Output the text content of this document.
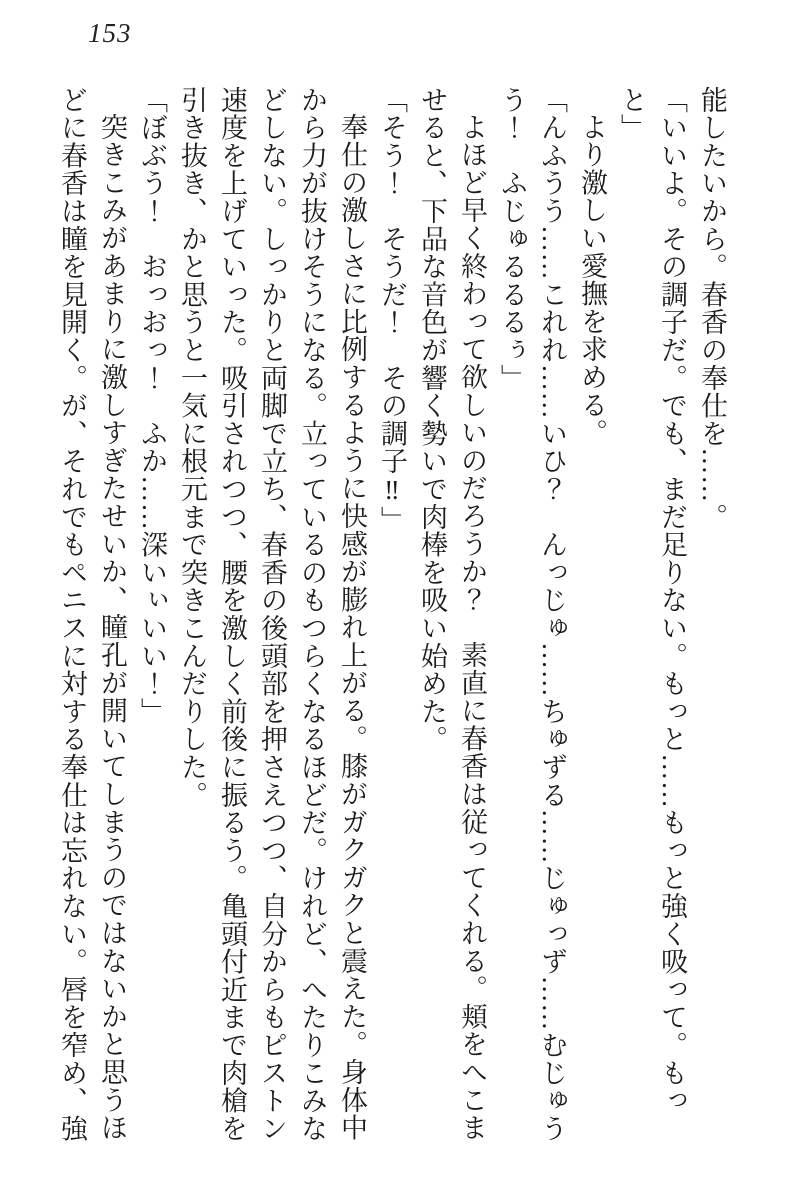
153

能したいから。春香の奉仕を……。

「いいよ。その調子だ。でも、まだ足りない。もっと……もっと強く吸って。もっ

と」

より激しい愛撫を求める。

「んふうう……これれ……いひ？　んっじゅ……ちゅずる……じゅっず……むじゅう

う！　ふじゅるるるぅ」

よほど早く終わって欲しいのだろうか？　素直に春香は従ってくれる。頬をへこま

せると、下品な音色が響く勢いで肉棒を吸い始めた。

「そう！　そうだ！　その調子‼」

奉仕の激しさに比例するように快感が膨れ上がる。膝がガクガクと震えた。身体中

から力が抜けそうになる。立っているのもつらくなるほどだ。けれど、へたりこみな

どしない。しっかりと両脚で立ち、春香の後頭部を押さえつつ、自分からもピストン

速度を上げていった。吸引されつつ、腰を激しく前後に振るう。亀頭付近まで肉槍を

引き抜き、かと思うと一気に根元まで突きこんだりした。

「ぼぶう！　おっおっ！　ふか……深いぃいい！」

突きこみがあまりに激しすぎたせいか、瞳孔が開いてしまうのではないかと思うほ

どに春香は瞳を見開く。が、それでもペニスに対する奉仕は忘れない。唇を窄め、強
